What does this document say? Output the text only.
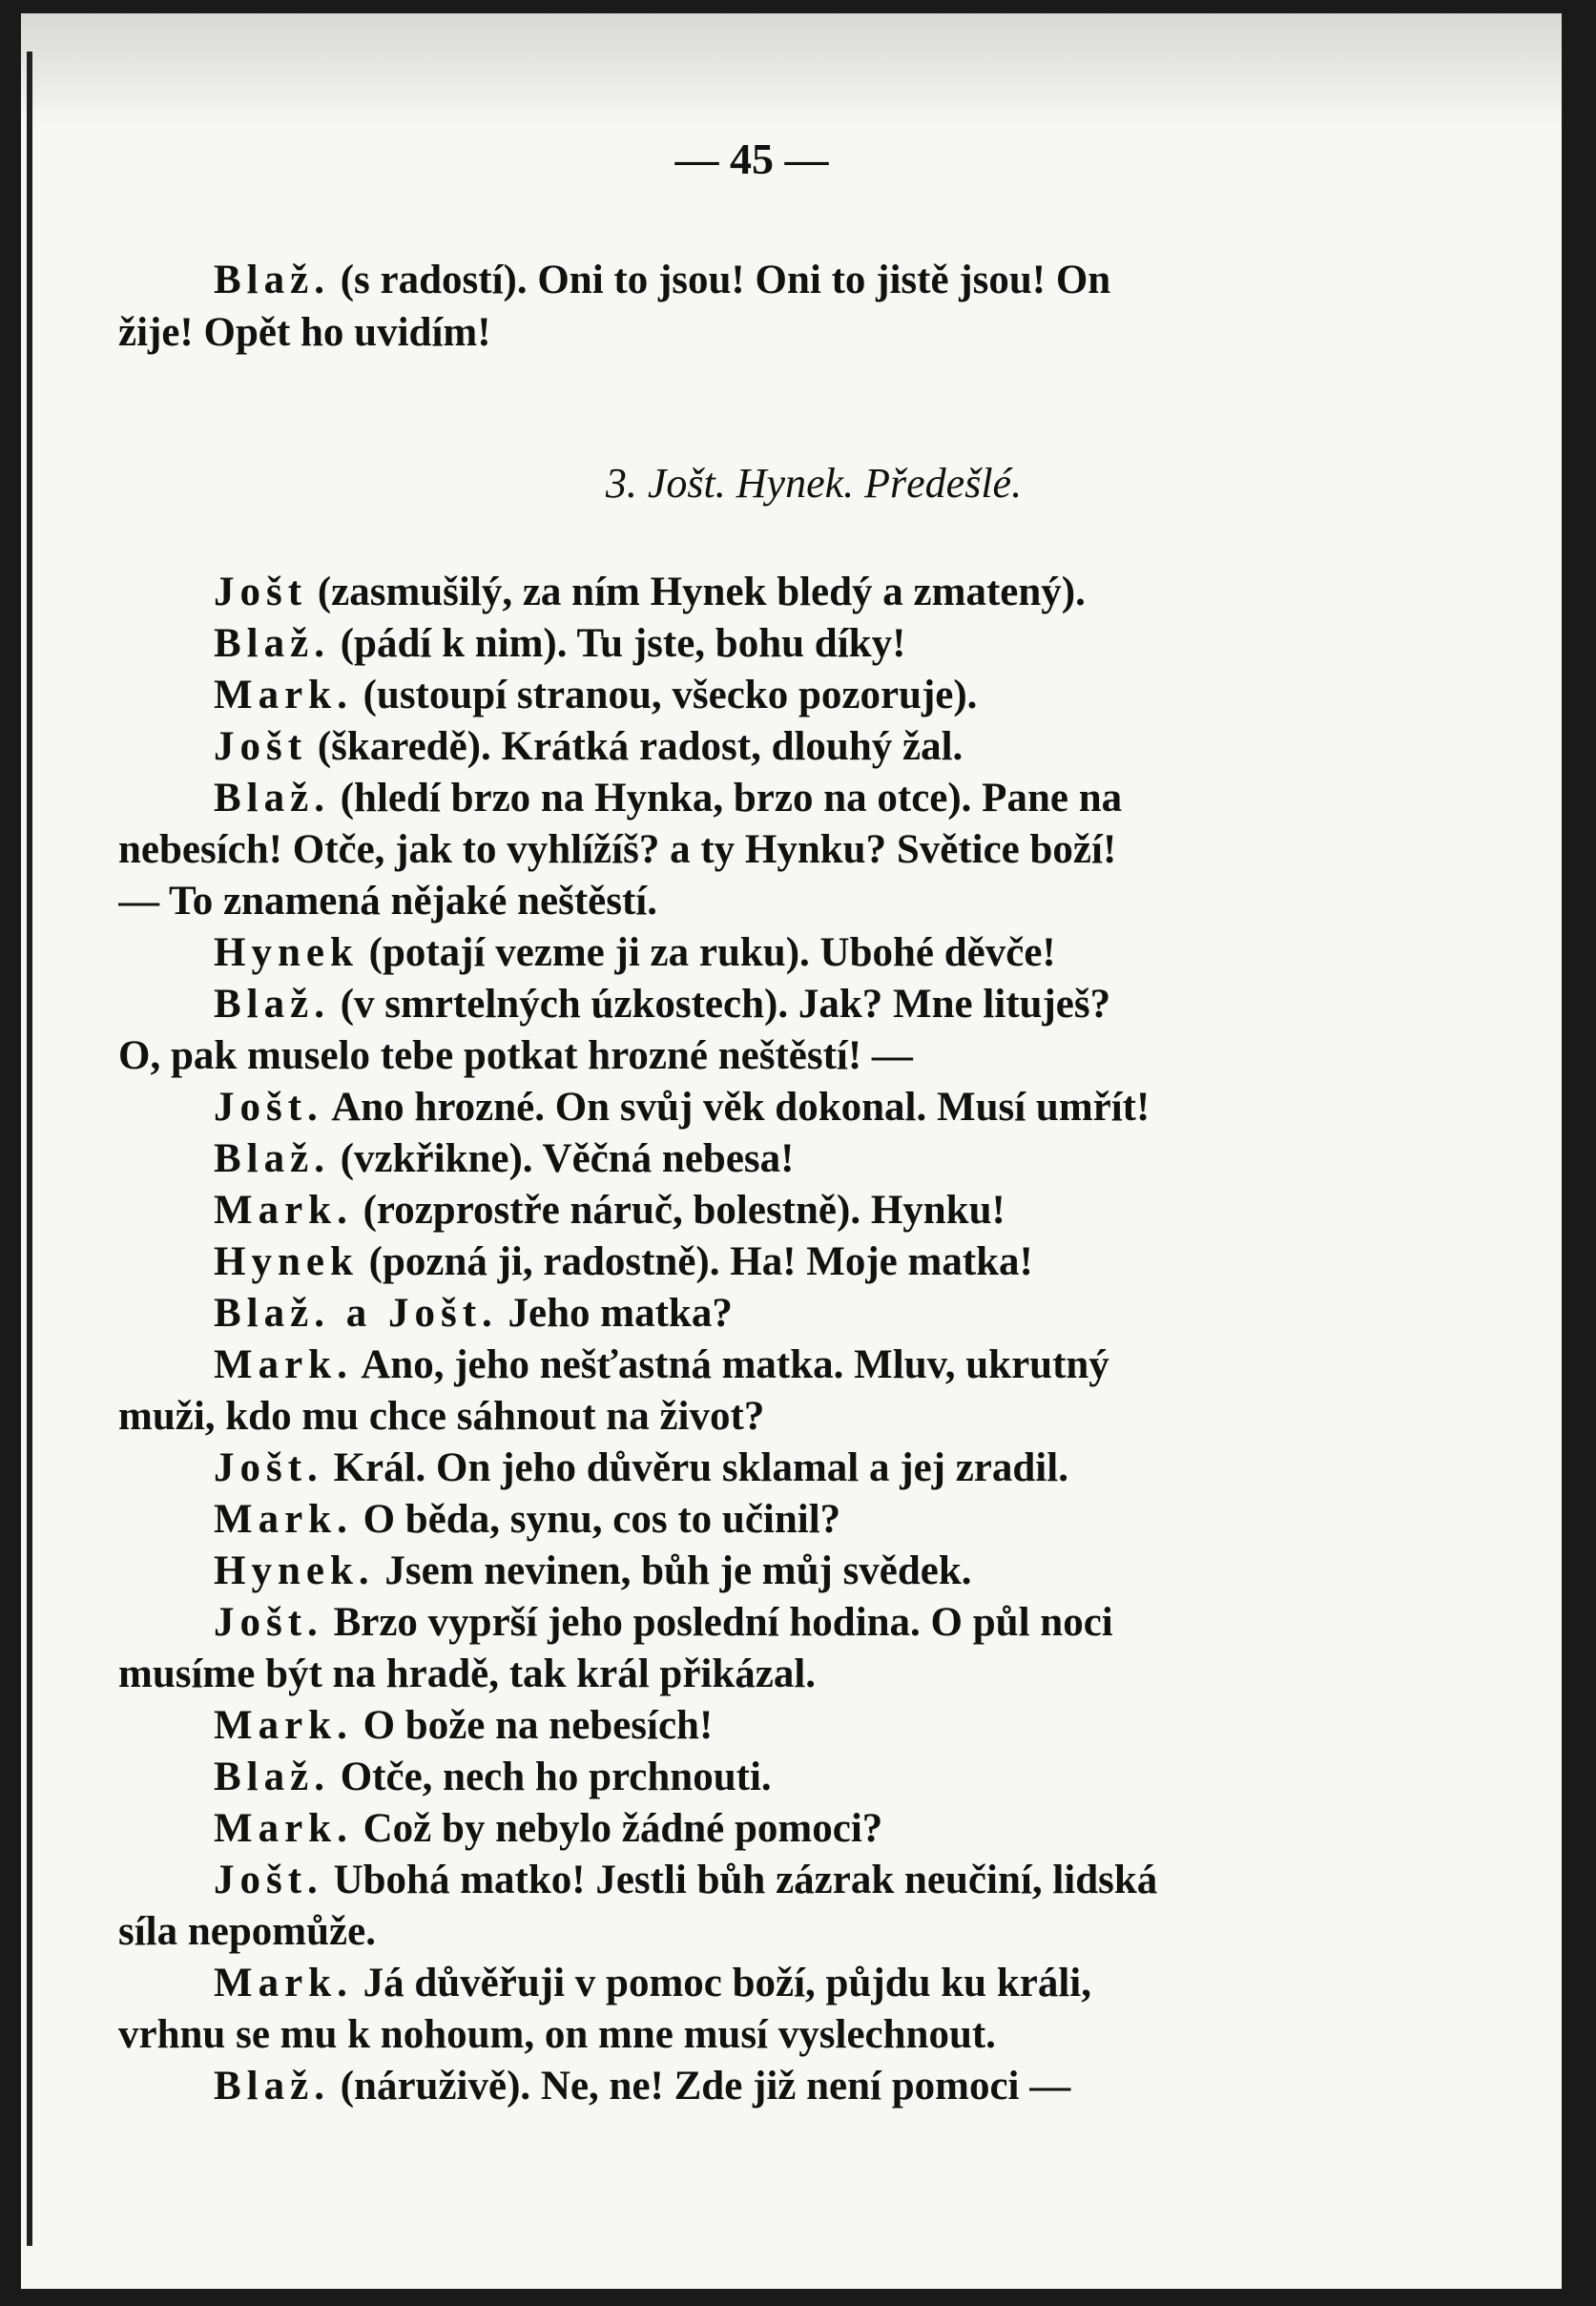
— 45 —
Blaž. (s radostí). Oni to jsou! Oni to jistě jsou! On
žije! Opět ho uvidím!
3. Jošt. Hynek. Předešlé.
Jošt (zasmušilý, za ním Hynek bledý a zmatený).
Blaž. (pádí k nim). Tu jste, bohu díky!
Mark. (ustoupí stranou, všecko pozoruje).
Jošt (škaredě). Krátká radost, dlouhý žal.
Blaž. (hledí brzo na Hynka, brzo na otce). Pane na
nebesích! Otče, jak to vyhlížíš? a ty Hynku? Světice boží!
— To znamená nějaké neštěstí.
Hynek (potají vezme ji za ruku). Ubohé děvče!
Blaž. (v smrtelných úzkostech). Jak? Mne lituješ?
O, pak muselo tebe potkat hrozné neštěstí! —
Jošt. Ano hrozné. On svůj věk dokonal. Musí umřít!
Blaž. (vzkřikne). Věčná nebesa!
Mark. (rozprostře náruč, bolestně). Hynku!
Hynek (pozná ji, radostně). Ha! Moje matka!
Blaž. a Jošt. Jeho matka?
Mark. Ano, jeho nešťastná matka. Mluv, ukrutný
muži, kdo mu chce sáhnout na život?
Jošt. Král. On jeho důvěru sklamal a jej zradil.
Mark. O běda, synu, cos to učinil?
Hynek. Jsem nevinen, bůh je můj svědek.
Jošt. Brzo vyprší jeho poslední hodina. O půl noci
musíme být na hradě, tak král přikázal.
Mark. O bože na nebesích!
Blaž. Otče, nech ho prchnouti.
Mark. Což by nebylo žádné pomoci?
Jošt. Ubohá matko! Jestli bůh zázrak neučiní, lidská
síla nepomůže.
Mark. Já důvěřuji v pomoc boží, půjdu ku králi,
vrhnu se mu k nohoum, on mne musí vyslechnout.
Blaž. (náruživě). Ne, ne! Zde již není pomoci —
